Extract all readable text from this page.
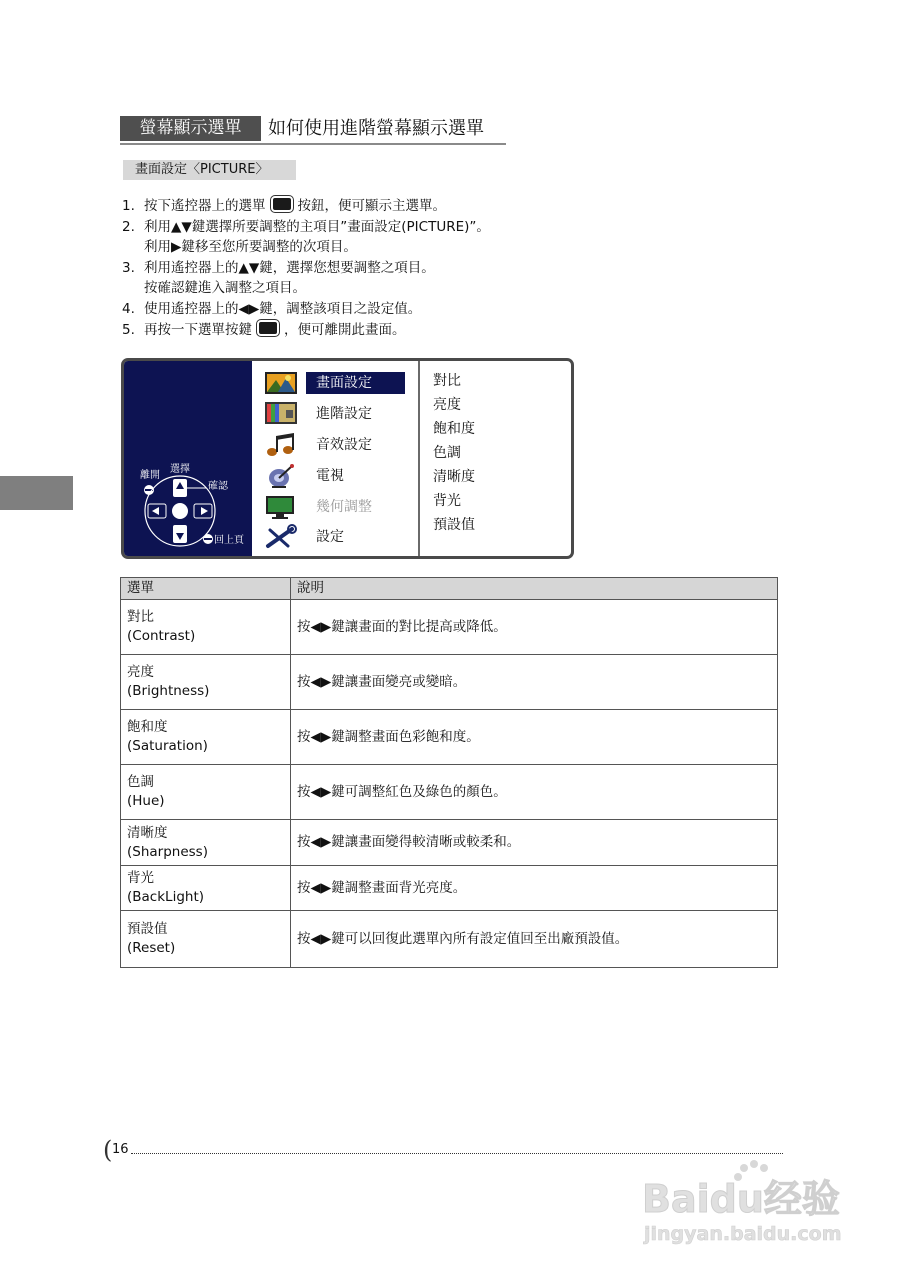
螢幕顯示選單	如何使用進階螢幕顯示選單
畫面設定〈PICTURE〉
1. 按下遙控器上的選單 按鈕，便可顯示主選單。
2. 利用▲▼鍵選擇所要調整的主項目”畫面設定(PICTURE)”。
利用▶鍵移至您所要調整的次項目。
3. 利用遙控器上的▲▼鍵，選擇您想要調整之項目。
按確認鍵進入調整之項目。
4. 使用遙控器上的◀▶鍵，調整該項目之設定值。
5. 再按一下選單按鍵 ，便可離開此畫面。
離開
選擇
確認
回上頁
畫面設定
進階設定
音效設定
電視
幾何調整
設定
對比
亮度
飽和度
色調
清晰度
背光
預設值
選單	說明

對比
(Contrast)	按◀▶鍵讓畫面的對比提高或降低。

亮度
(Brightness)	按◀▶鍵讓畫面變亮或變暗。

飽和度
(Saturation)	按◀▶鍵調整畫面色彩飽和度。

色調
(Hue)	按◀▶鍵可調整紅色及綠色的顏色。

清晰度
(Sharpness)	按◀▶鍵讓畫面變得較清晰或較柔和。

背光
(BackLight)	按◀▶鍵調整畫面背光亮度。

預設值
(Reset)	按◀▶鍵可以回復此選單內所有設定值回至出廠預設值。
( 16
Baidu经验
jingyan.baidu.com
